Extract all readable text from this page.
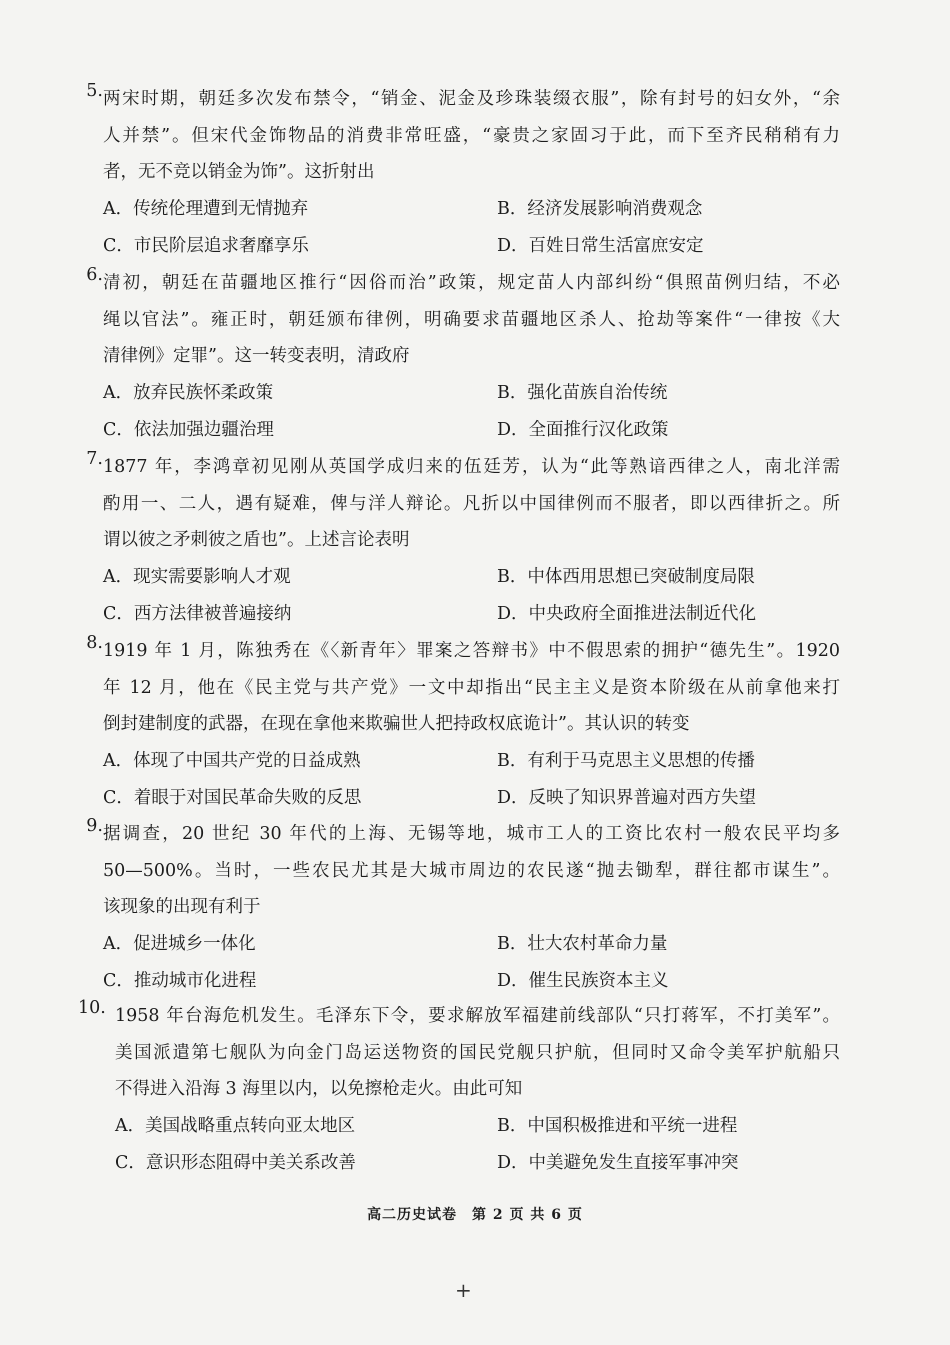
5. 两宋时期，朝廷多次发布禁令，“销金、泥金及珍珠装缀衣服”，除有封号的妇女外，“余
人并禁”。但宋代金饰物品的消费非常旺盛，“豪贵之家固习于此，而下至齐民稍稍有力
者，无不竞以销金为饰”。这折射出
A．传统伦理遭到无情抛弃	B．经济发展影响消费观念
C．市民阶层追求奢靡享乐	D．百姓日常生活富庶安定
6. 清初，朝廷在苗疆地区推行“因俗而治”政策，规定苗人内部纠纷“俱照苗例归结，不必
绳以官法”。雍正时，朝廷颁布律例，明确要求苗疆地区杀人、抢劫等案件“一律按《大
清律例》定罪”。这一转变表明，清政府
A．放弃民族怀柔政策	B．强化苗族自治传统
C．依法加强边疆治理	D．全面推行汉化政策
7. 1877 年，李鸿章初见刚从英国学成归来的伍廷芳，认为“此等熟谙西律之人，南北洋需
酌用一、二人，遇有疑难，俾与洋人辩论。凡折以中国律例而不服者，即以西律折之。所
谓以彼之矛刺彼之盾也”。上述言论表明
A．现实需要影响人才观	B．中体西用思想已突破制度局限
C．西方法律被普遍接纳	D．中央政府全面推进法制近代化
8. 1919 年 1 月，陈独秀在《〈新青年〉罪案之答辩书》中不假思索的拥护“德先生”。1920
年 12 月，他在《民主党与共产党》一文中却指出“民主主义是资本阶级在从前拿他来打
倒封建制度的武器，在现在拿他来欺骗世人把持政权底诡计”。其认识的转变
A．体现了中国共产党的日益成熟	B．有利于马克思主义思想的传播
C．着眼于对国民革命失败的反思	D．反映了知识界普遍对西方失望
9. 据调查，20 世纪 30 年代的上海、无锡等地，城市工人的工资比农村一般农民平均多
50—500%。当时，一些农民尤其是大城市周边的农民遂“抛去锄犁，群往都市谋生”。
该现象的出现有利于
A．促进城乡一体化	B．壮大农村革命力量
C．推动城市化进程	D．催生民族资本主义
10. 1958 年台海危机发生。毛泽东下令，要求解放军福建前线部队“只打蒋军，不打美军”。
美国派遣第七舰队为向金门岛运送物资的国民党舰只护航，但同时又命令美军护航船只
不得进入沿海 3 海里以内，以免擦枪走火。由此可知
A．美国战略重点转向亚太地区	B．中国积极推进和平统一进程
C．意识形态阻碍中美关系改善	D．中美避免发生直接军事冲突
高二历史试卷　第 2 页 共 6 页
+
